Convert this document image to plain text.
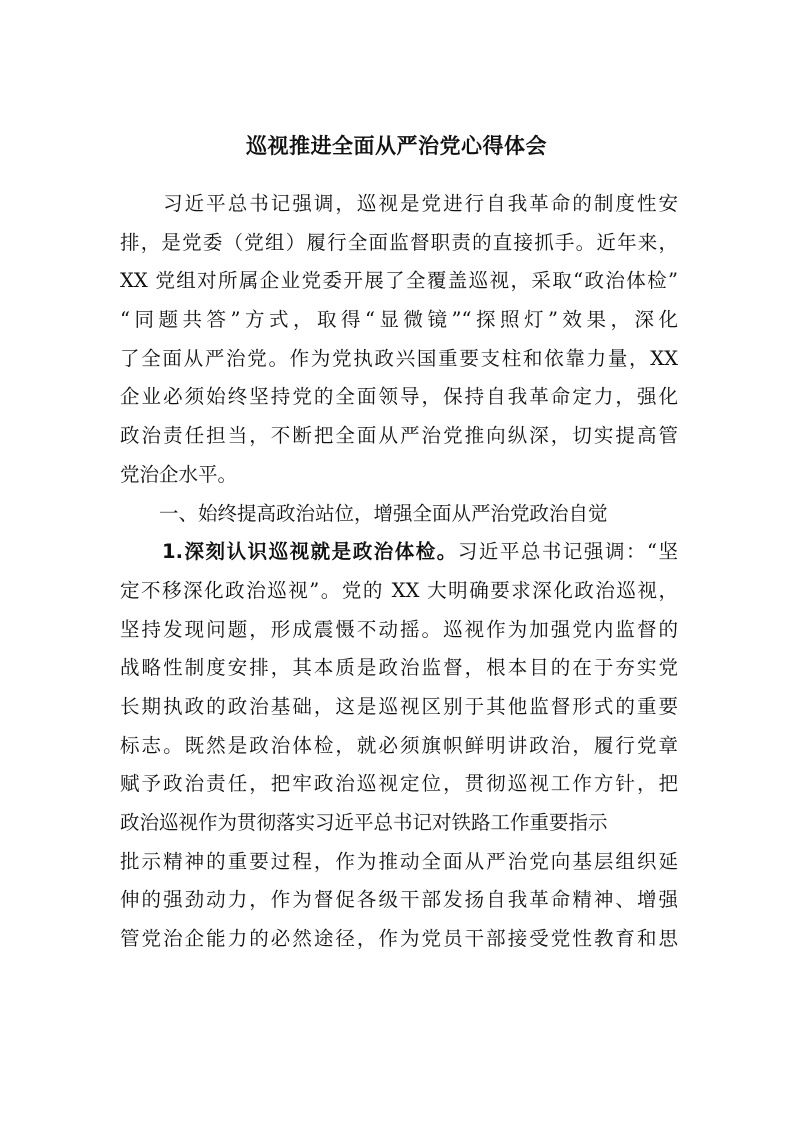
巡视推进全面从严治党心得体会
　　习近平总书记强调，巡视是党进行自我革命的制度性安
排，是党委（党组）履行全面监督职责的直接抓手。近年来，
XX 党组对所属企业党委开展了全覆盖巡视，采取“政治体检”
“同题共答”方式，取得“显微镜”“探照灯”效果，深化
了全面从严治党。作为党执政兴国重要支柱和依靠力量，XX
企业必须始终坚持党的全面领导，保持自我革命定力，强化
政治责任担当，不断把全面从严治党推向纵深，切实提高管
党治企水平。
　　一、始终提高政治站位，增强全面从严治党政治自觉
　　1.深刻认识巡视就是政治体检。习近平总书记强调：“坚
定不移深化政治巡视”。党的 XX 大明确要求深化政治巡视，
坚持发现问题，形成震慑不动摇。巡视作为加强党内监督的
战略性制度安排，其本质是政治监督，根本目的在于夯实党
长期执政的政治基础，这是巡视区别于其他监督形式的重要
标志。既然是政治体检，就必须旗帜鲜明讲政治，履行党章
赋予政治责任，把牢政治巡视定位，贯彻巡视工作方针，把
政治巡视作为贯彻落实习近平总书记对铁路工作重要指示
批示精神的重要过程，作为推动全面从严治党向基层组织延
伸的强劲动力，作为督促各级干部发扬自我革命精神、增强
管党治企能力的必然途径，作为党员干部接受党性教育和思
